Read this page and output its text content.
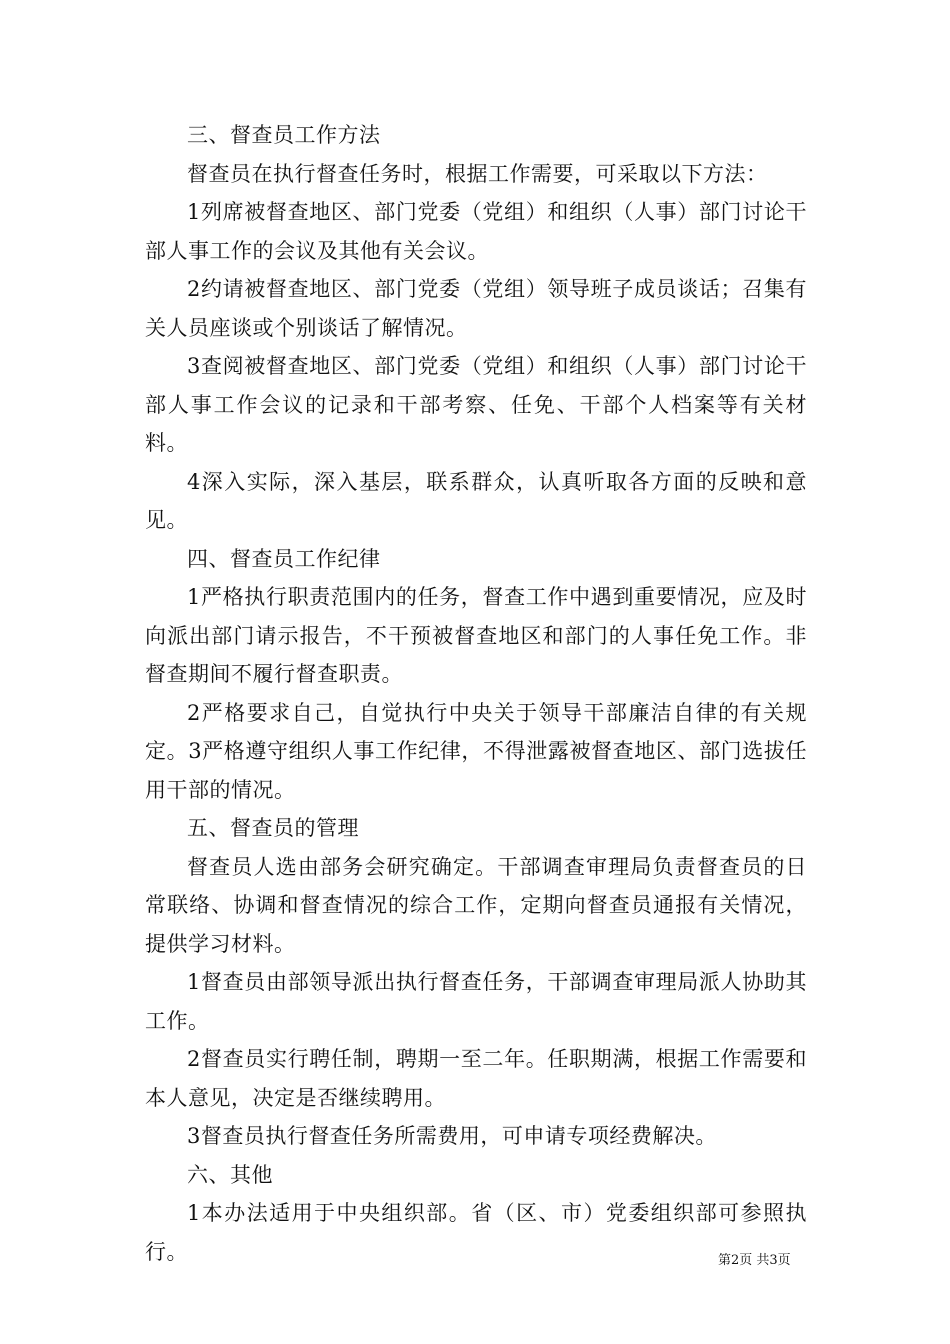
三、督查员工作方法

督查员在执行督查任务时，根据工作需要，可采取以下方法：

1列席被督查地区、部门党委（党组）和组织（人事）部门讨论干部人事工作的会议及其他有关会议。

2约请被督查地区、部门党委（党组）领导班子成员谈话；召集有关人员座谈或个别谈话了解情况。

3查阅被督查地区、部门党委（党组）和组织（人事）部门讨论干部人事工作会议的记录和干部考察、任免、干部个人档案等有关材料。

4深入实际，深入基层，联系群众，认真听取各方面的反映和意见。

四、督查员工作纪律

1严格执行职责范围内的任务，督查工作中遇到重要情况，应及时向派出部门请示报告，不干预被督查地区和部门的人事任免工作。非督查期间不履行督查职责。

2严格要求自己，自觉执行中央关于领导干部廉洁自律的有关规定。3严格遵守组织人事工作纪律，不得泄露被督查地区、部门选拔任用干部的情况。

五、督查员的管理

督查员人选由部务会研究确定。干部调查审理局负责督查员的日常联络、协调和督查情况的综合工作，定期向督查员通报有关情况，提供学习材料。

1督查员由部领导派出执行督查任务，干部调查审理局派人协助其工作。

2督查员实行聘任制，聘期一至二年。任职期满，根据工作需要和本人意见，决定是否继续聘用。

3督查员执行督查任务所需费用，可申请专项经费解决。

六、其他

1本办法适用于中央组织部。省（区、市）党委组织部可参照执行。	第2页 共3页
